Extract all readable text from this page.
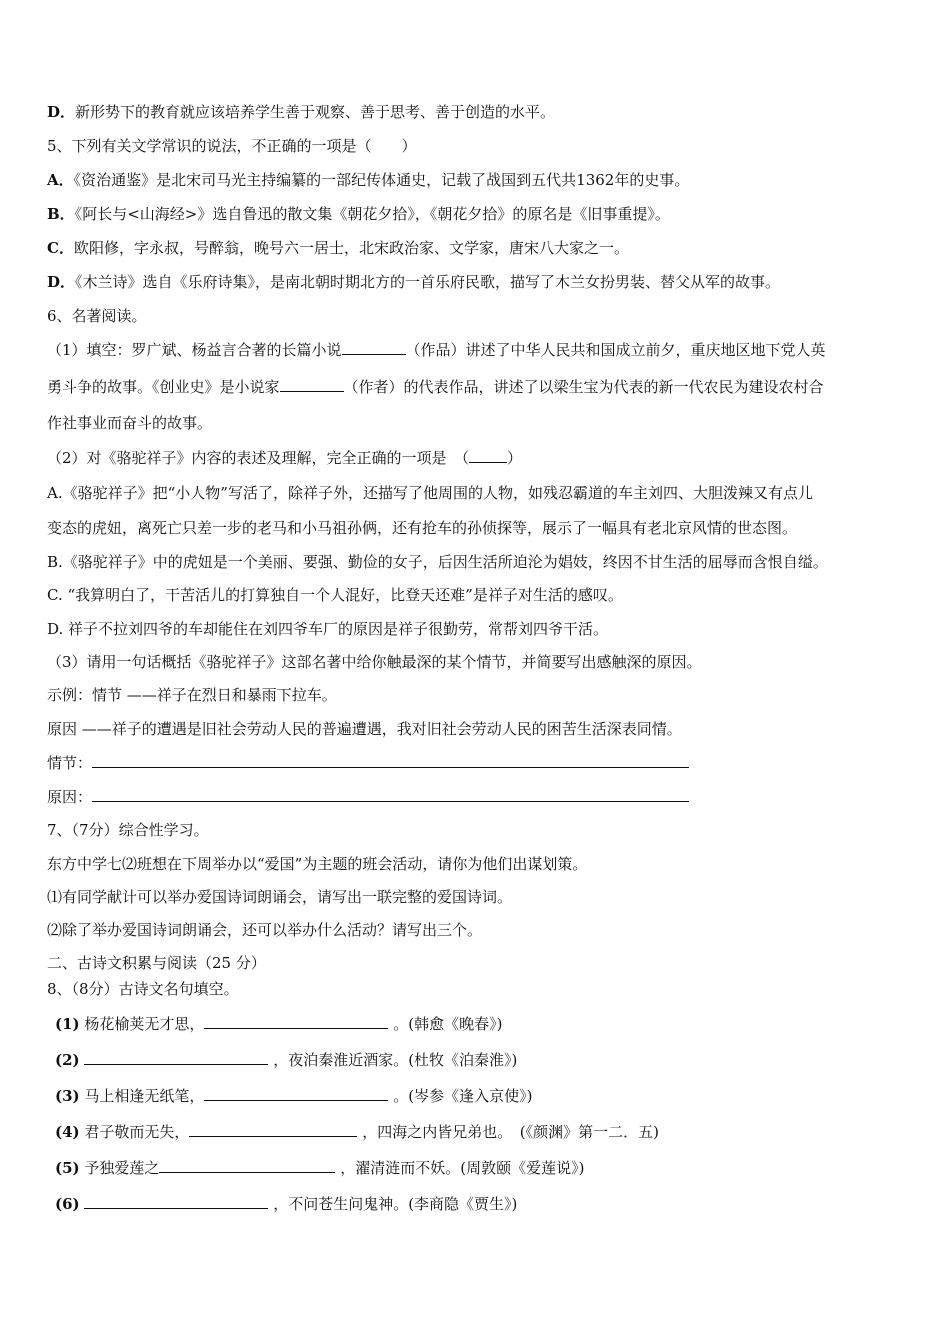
D．新形势下的教育就应该培养学生善于观察、善于思考、善于创造的水平。
5、下列有关文学常识的说法，不正确的一项是（　　）
A．《资治通鉴》是北宋司马光主持编纂的一部纪传体通史，记载了战国到五代共1362年的史事。
B．《阿长与<山海经>》选自鲁迅的散文集《朝花夕拾》，《朝花夕拾》的原名是《旧事重提》。
C．欧阳修，字永叔，号醉翁，晚号六一居士，北宋政治家、文学家，唐宋八大家之一。
D．《木兰诗》选自《乐府诗集》，是南北朝时期北方的一首乐府民歌，描写了木兰女扮男装、替父从军的故事。
6、名著阅读。
（1）填空：罗广斌、杨益言合著的长篇小说	（作品）讲述了中华人民共和国成立前夕，重庆地区地下党人英
勇斗争的故事。《创业史》是小说家	（作者）的代表作品，讲述了以梁生宝为代表的新一代农民为建设农村合
作社事业而奋斗的故事。
（2）对《骆驼祥子》内容的表述及理解，完全正确的一项是　（	）
A.《骆驼祥子》把“小人物”写活了，除祥子外，还描写了他周围的人物，如残忍霸道的车主刘四、大胆泼辣又有点儿
变态的虎妞，离死亡只差一步的老马和小马祖孙俩，还有抢车的孙侦探等，展示了一幅具有老北京风情的世态图。
B.《骆驼祥子》中的虎妞是一个美丽、要强、勤俭的女子，后因生活所迫沦为娼妓，终因不甘生活的屈辱而含恨自缢。
C. “我算明白了，干苦活儿的打算独自一个人混好，比登天还难”是祥子对生活的感叹。
D. 祥子不拉刘四爷的车却能住在刘四爷车厂的原因是祥子很勤劳，常帮刘四爷干活。
（3）请用一句话概括《骆驼祥子》这部名著中给你触最深的某个情节，并简要写出感触深的原因。
示例：情节 ——祥子在烈日和暴雨下拉车。
原因 ——祥子的遭遇是旧社会劳动人民的普遍遭遇，我对旧社会劳动人民的困苦生活深表同情。
情节：
原因：
7、（7分）综合性学习。
东方中学七⑵班想在下周举办以“爱国”为主题的班会活动，请你为他们出谋划策。
⑴有同学献计可以举办爱国诗词朗诵会，请写出一联完整的爱国诗词。
⑵除了举办爱国诗词朗诵会，还可以举办什么活动？请写出三个。
二、古诗文积累与阅读（25 分）
8、（8分）古诗文名句填空。
(1) 杨花榆荚无才思，	。(韩愈《晚春》)
(2)	，夜泊秦淮近酒家。(杜牧《泊秦淮》)
(3) 马上相逢无纸笔，	。(岑参《逢入京使》)
(4) 君子敬而无失，	，四海之内皆兄弟也。　(《颜渊》第一二．五)
(5) 予独爱莲之	，濯清涟而不妖。(周敦颐《爱莲说》)
(6)	，不问苍生问鬼神。(李商隐《贾生》)
